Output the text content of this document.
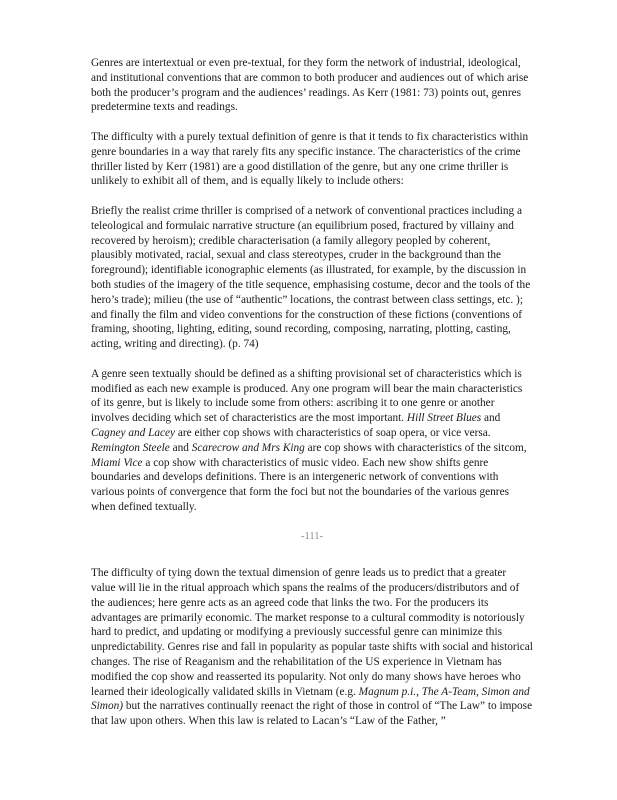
Genres are intertextual or even pre-textual, for they form the network of industrial, ideological, and institutional conventions that are common to both producer and audiences out of which arise both the producer’s program and the audiences’ readings. As Kerr (1981: 73) points out, genres predetermine texts and readings.

The difficulty with a purely textual definition of genre is that it tends to fix characteristics within genre boundaries in a way that rarely fits any specific instance. The characteristics of the crime thriller listed by Kerr (1981) are a good distillation of the genre, but any one crime thriller is unlikely to exhibit all of them, and is equally likely to include others:

Briefly the realist crime thriller is comprised of a network of conventional practices including a teleological and formulaic narrative structure (an equilibrium posed, fractured by villainy and recovered by heroism); credible characterisation (a family allegory peopled by coherent, plausibly motivated, racial, sexual and class stereotypes, cruder in the background than the foreground); identifiable iconographic elements (as illustrated, for example, by the discussion in both studies of the imagery of the title sequence, emphasising costume, decor and the tools of the hero’s trade); milieu (the use of “authentic” locations, the contrast between class settings, etc. ); and finally the film and video conventions for the construction of these fictions (conventions of framing, shooting, lighting, editing, sound recording, composing, narrating, plotting, casting, acting, writing and directing). (p. 74)

A genre seen textually should be defined as a shifting provisional set of characteristics which is modified as each new example is produced. Any one program will bear the main characteristics of its genre, but is likely to include some from others: ascribing it to one genre or another involves deciding which set of characteristics are the most important. Hill Street Blues and Cagney and Lacey are either cop shows with characteristics of soap opera, or vice versa. Remington Steele and Scarecrow and Mrs King are cop shows with characteristics of the sitcom, Miami Vice a cop show with characteristics of music video. Each new show shifts genre boundaries and develops definitions. There is an intergeneric network of conventions with various points of convergence that form the foci but not the boundaries of the various genres when defined textually.

-111-

The difficulty of tying down the textual dimension of genre leads us to predict that a greater value will lie in the ritual approach which spans the realms of the producers/distributors and of the audiences; here genre acts as an agreed code that links the two. For the producers its advantages are primarily economic. The market response to a cultural commodity is notoriously hard to predict, and updating or modifying a previously successful genre can minimize this unpredictability. Genres rise and fall in popularity as popular taste shifts with social and historical changes. The rise of Reaganism and the rehabilitation of the US experience in Vietnam has modified the cop show and reasserted its popularity. Not only do many shows have heroes who learned their ideologically validated skills in Vietnam (e.g. Magnum p.i., The A-Team, Simon and Simon) but the narratives continually reenact the right of those in control of “The Law” to impose that law upon others. When this law is related to Lacan’s “Law of the Father, ”
